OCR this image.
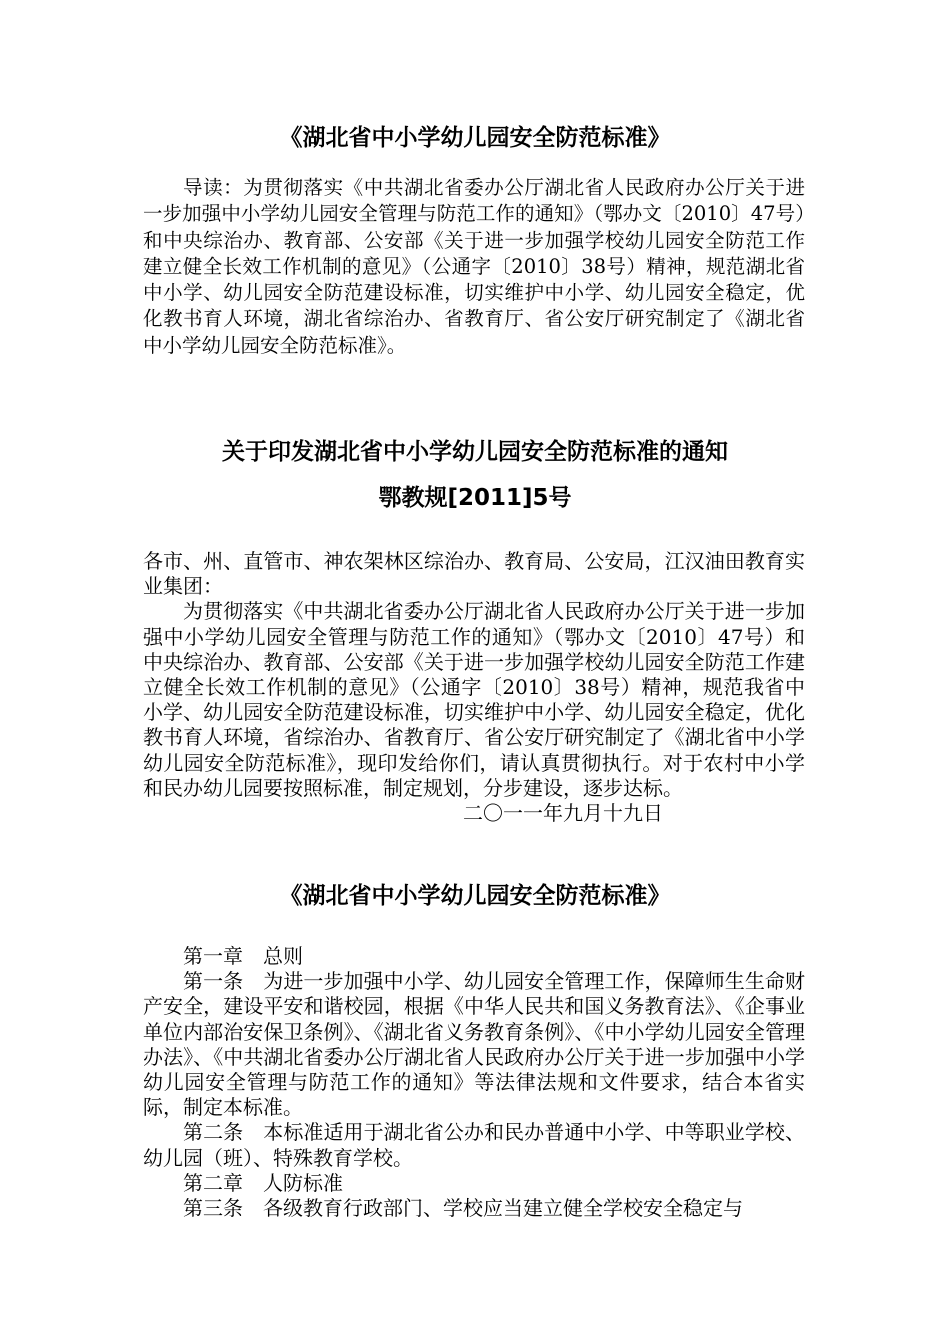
《湖北省中小学幼儿园安全防范标准》

导读：为贯彻落实《中共湖北省委办公厅湖北省人民政府办公厅关于进一步加强中小学幼儿园安全管理与防范工作的通知》（鄂办文〔2010〕47号）和中央综治办、教育部、公安部《关于进一步加强学校幼儿园安全防范工作建立健全长效工作机制的意见》（公通字〔2010〕38号）精神，规范湖北省中小学、幼儿园安全防范建设标准，切实维护中小学、幼儿园安全稳定，优化教书育人环境，湖北省综治办、省教育厅、省公安厅研究制定了《湖北省中小学幼儿园安全防范标准》。

关于印发湖北省中小学幼儿园安全防范标准的通知
鄂教规[2011]5号

各市、州、直管市、神农架林区综治办、教育局、公安局，江汉油田教育实业集团：

为贯彻落实《中共湖北省委办公厅湖北省人民政府办公厅关于进一步加强中小学幼儿园安全管理与防范工作的通知》（鄂办文〔2010〕47号）和中央综治办、教育部、公安部《关于进一步加强学校幼儿园安全防范工作建立健全长效工作机制的意见》（公通字〔2010〕38号）精神，规范我省中小学、幼儿园安全防范建设标准，切实维护中小学、幼儿园安全稳定，优化教书育人环境，省综治办、省教育厅、省公安厅研究制定了《湖北省中小学幼儿园安全防范标准》，现印发给你们，请认真贯彻执行。对于农村中小学和民办幼儿园要按照标准，制定规划，分步建设，逐步达标。

二〇一一年九月十九日

《湖北省中小学幼儿园安全防范标准》

第一章　总则

第一条　为进一步加强中小学、幼儿园安全管理工作，保障师生生命财产安全，建设平安和谐校园，根据《中华人民共和国义务教育法》、《企事业单位内部治安保卫条例》、《湖北省义务教育条例》、《中小学幼儿园安全管理办法》、《中共湖北省委办公厅湖北省人民政府办公厅关于进一步加强中小学幼儿园安全管理与防范工作的通知》等法律法规和文件要求，结合本省实际，制定本标准。

第二条　本标准适用于湖北省公办和民办普通中小学、中等职业学校、幼儿园（班）、特殊教育学校。

第二章　人防标准

第三条　各级教育行政部门、学校应当建立健全学校安全稳定与
